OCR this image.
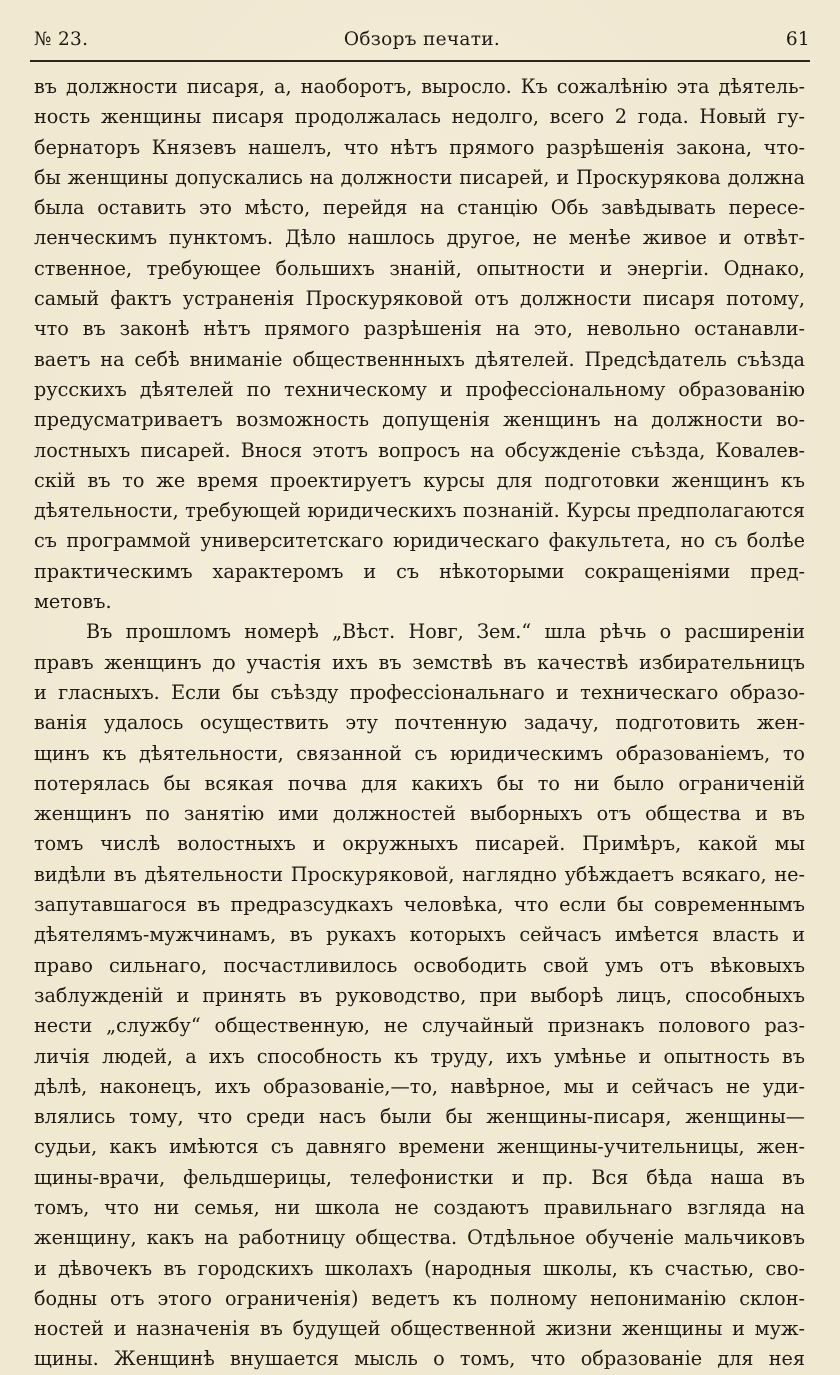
№ 23.	Обзоръ печати.	61
въ должности писаря, а, наоборотъ, выросло. Къ сожалѣнію эта дѣятель-
ность женщины писаря продолжалась недолго, всего 2 года. Новый гу-
бернаторъ Князевъ нашелъ, что нѣтъ прямого разрѣшенія закона, что-
бы женщины допускались на должности писарей, и Проскурякова должна
была оставить это мѣсто, перейдя на станцію Обь завѣдывать пересе-
ленческимъ пунктомъ. Дѣло нашлось другое, не менѣе живое и отвѣт-
ственное, требующее большихъ знаній, опытности и энергіи. Однако,
самый фактъ устраненія Проскуряковой отъ должности писаря потому,
что въ законѣ нѣтъ прямого разрѣшенія на это, невольно останавли-
ваетъ на себѣ вниманіе общественнныхъ дѣятелей. Предсѣдатель съѣзда
русскихъ дѣятелей по техническому и профессіональному образованію
предусматриваетъ возможность допущенія женщинъ на должности во-
лостныхъ писарей. Внося этотъ вопросъ на обсужденіе съѣзда, Ковалев-
скій въ то же время проектируетъ курсы для подготовки женщинъ къ
дѣятельности, требующей юридическихъ познаній. Курсы предполагаются
съ программой университетскаго юридическаго факультета, но съ болѣе
практическимъ характеромъ и съ нѣкоторыми сокращеніями пред-
метовъ.
Въ прошломъ номерѣ „Вѣст. Новг, Зем.“ шла рѣчь о расширеніи
правъ женщинъ до участія ихъ въ земствѣ въ качествѣ избирательницъ
и гласныхъ. Если бы съѣзду профессіональнаго и техническаго образо-
ванія удалось осуществить эту почтенную задачу, подготовить жен-
щинъ къ дѣятельности, связанной съ юридическимъ образованіемъ, то
потерялась бы всякая почва для какихъ бы то ни было ограниченій
женщинъ по занятію ими должностей выборныхъ отъ общества и въ
томъ числѣ волостныхъ и окружныхъ писарей. Примѣръ, какой мы
видѣли въ дѣятельности Проскуряковой, наглядно убѣждаетъ всякаго, не-
запутавшагося въ предразсудкахъ человѣка, что если бы современнымъ
дѣятелямъ-мужчинамъ, въ рукахъ которыхъ сейчасъ имѣется власть и
право сильнаго, посчастливилось освободить свой умъ отъ вѣковыхъ
заблужденій и принять въ руководство, при выборѣ лицъ, способныхъ
нести „службу“ общественную, не случайный признакъ полового раз-
личія людей, а ихъ способность къ труду, ихъ умѣнье и опытность въ
дѣлѣ, наконецъ, ихъ образованіе,—то, навѣрное, мы и сейчасъ не уди-
влялись тому, что среди насъ были бы женщины-писаря, женщины—
судьи, какъ имѣются съ давняго времени женщины-учительницы, жен-
щины-врачи, фельдшерицы, телефонистки и пр. Вся бѣда наша въ
томъ, что ни семья, ни школа не создаютъ правильнаго взгляда на
женщину, какъ на работницу общества. Отдѣльное обученіе мальчиковъ
и дѣвочекъ въ городскихъ школахъ (народныя школы, къ счастью, сво-
бодны отъ этого ограниченія) ведетъ къ полному непониманію склон-
ностей и назначенія въ будущей общественной жизни женщины и муж-
щины. Женщинѣ внушается мысль о томъ, что образованіе для нея
